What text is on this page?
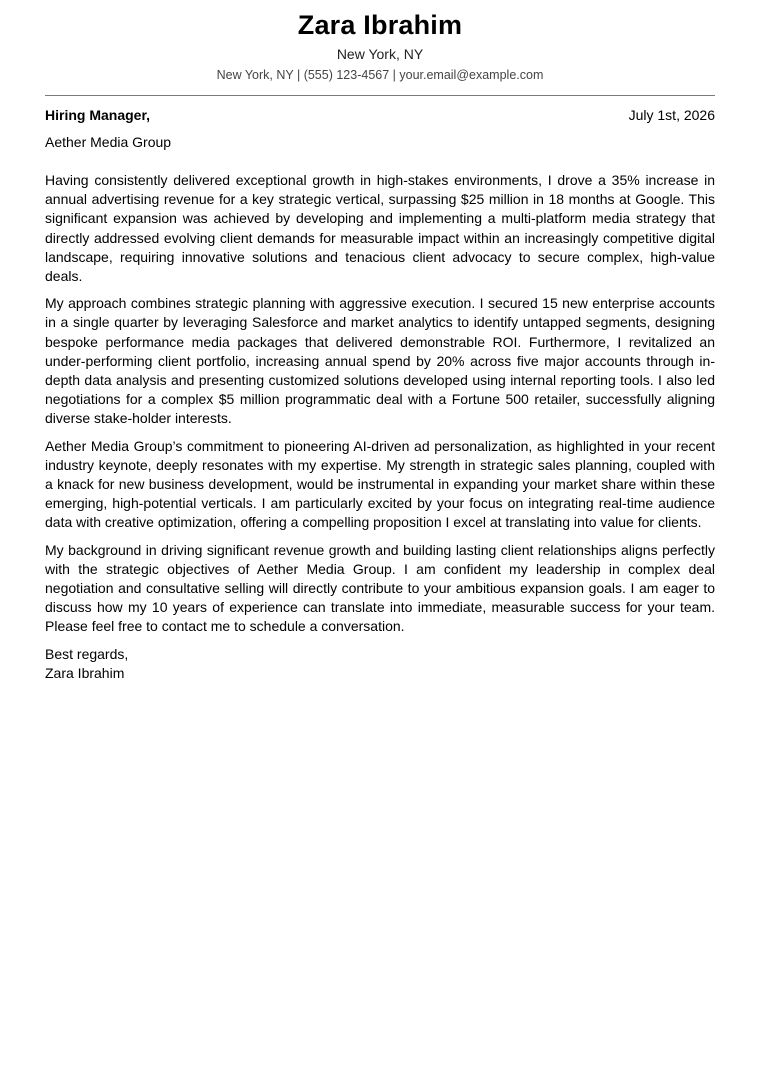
Zara Ibrahim
New York, NY
New York, NY | (555) 123-4567 | your.email@example.com
Hiring Manager,	July 1st, 2026
Aether Media Group

Having consistently delivered exceptional growth in high-stakes environments, I drove a 35% increase in annual advertising revenue for a key strategic vertical, surpassing $25 million in 18 months at Google. This significant expansion was achieved by developing and implementing a multi-platform media strategy that directly addressed evolving client demands for measurable impact within an increasingly competitive digital landscape, requiring innovative solutions and tenacious client advocacy to secure complex, high-value deals.

My approach combines strategic planning with aggressive execution. I secured 15 new enterprise accounts in a single quarter by leveraging Salesforce and market analytics to identify untapped segments, designing bespoke performance media packages that delivered demonstrable ROI. Furthermore, I revitalized an under-performing client portfolio, increasing annual spend by 20% across five major accounts through in-depth data analysis and presenting customized solutions developed using internal reporting tools. I also led negotiations for a complex $5 million programmatic deal with a Fortune 500 retailer, successfully aligning diverse stake-holder interests.

Aether Media Group’s commitment to pioneering AI-driven ad personalization, as highlighted in your recent industry keynote, deeply resonates with my expertise. My strength in strategic sales planning, coupled with a knack for new business development, would be instrumental in expanding your market share within these emerging, high-potential verticals. I am particularly excited by your focus on integrating real-time audience data with creative optimization, offering a compelling proposition I excel at translating into value for clients.

My background in driving significant revenue growth and building lasting client relationships aligns perfectly with the strategic objectives of Aether Media Group. I am confident my leadership in complex deal negotiation and consultative selling will directly contribute to your ambitious expansion goals. I am eager to discuss how my 10 years of experience can translate into immediate, measurable success for your team. Please feel free to contact me to schedule a conversation.

Best regards,
Zara Ibrahim
